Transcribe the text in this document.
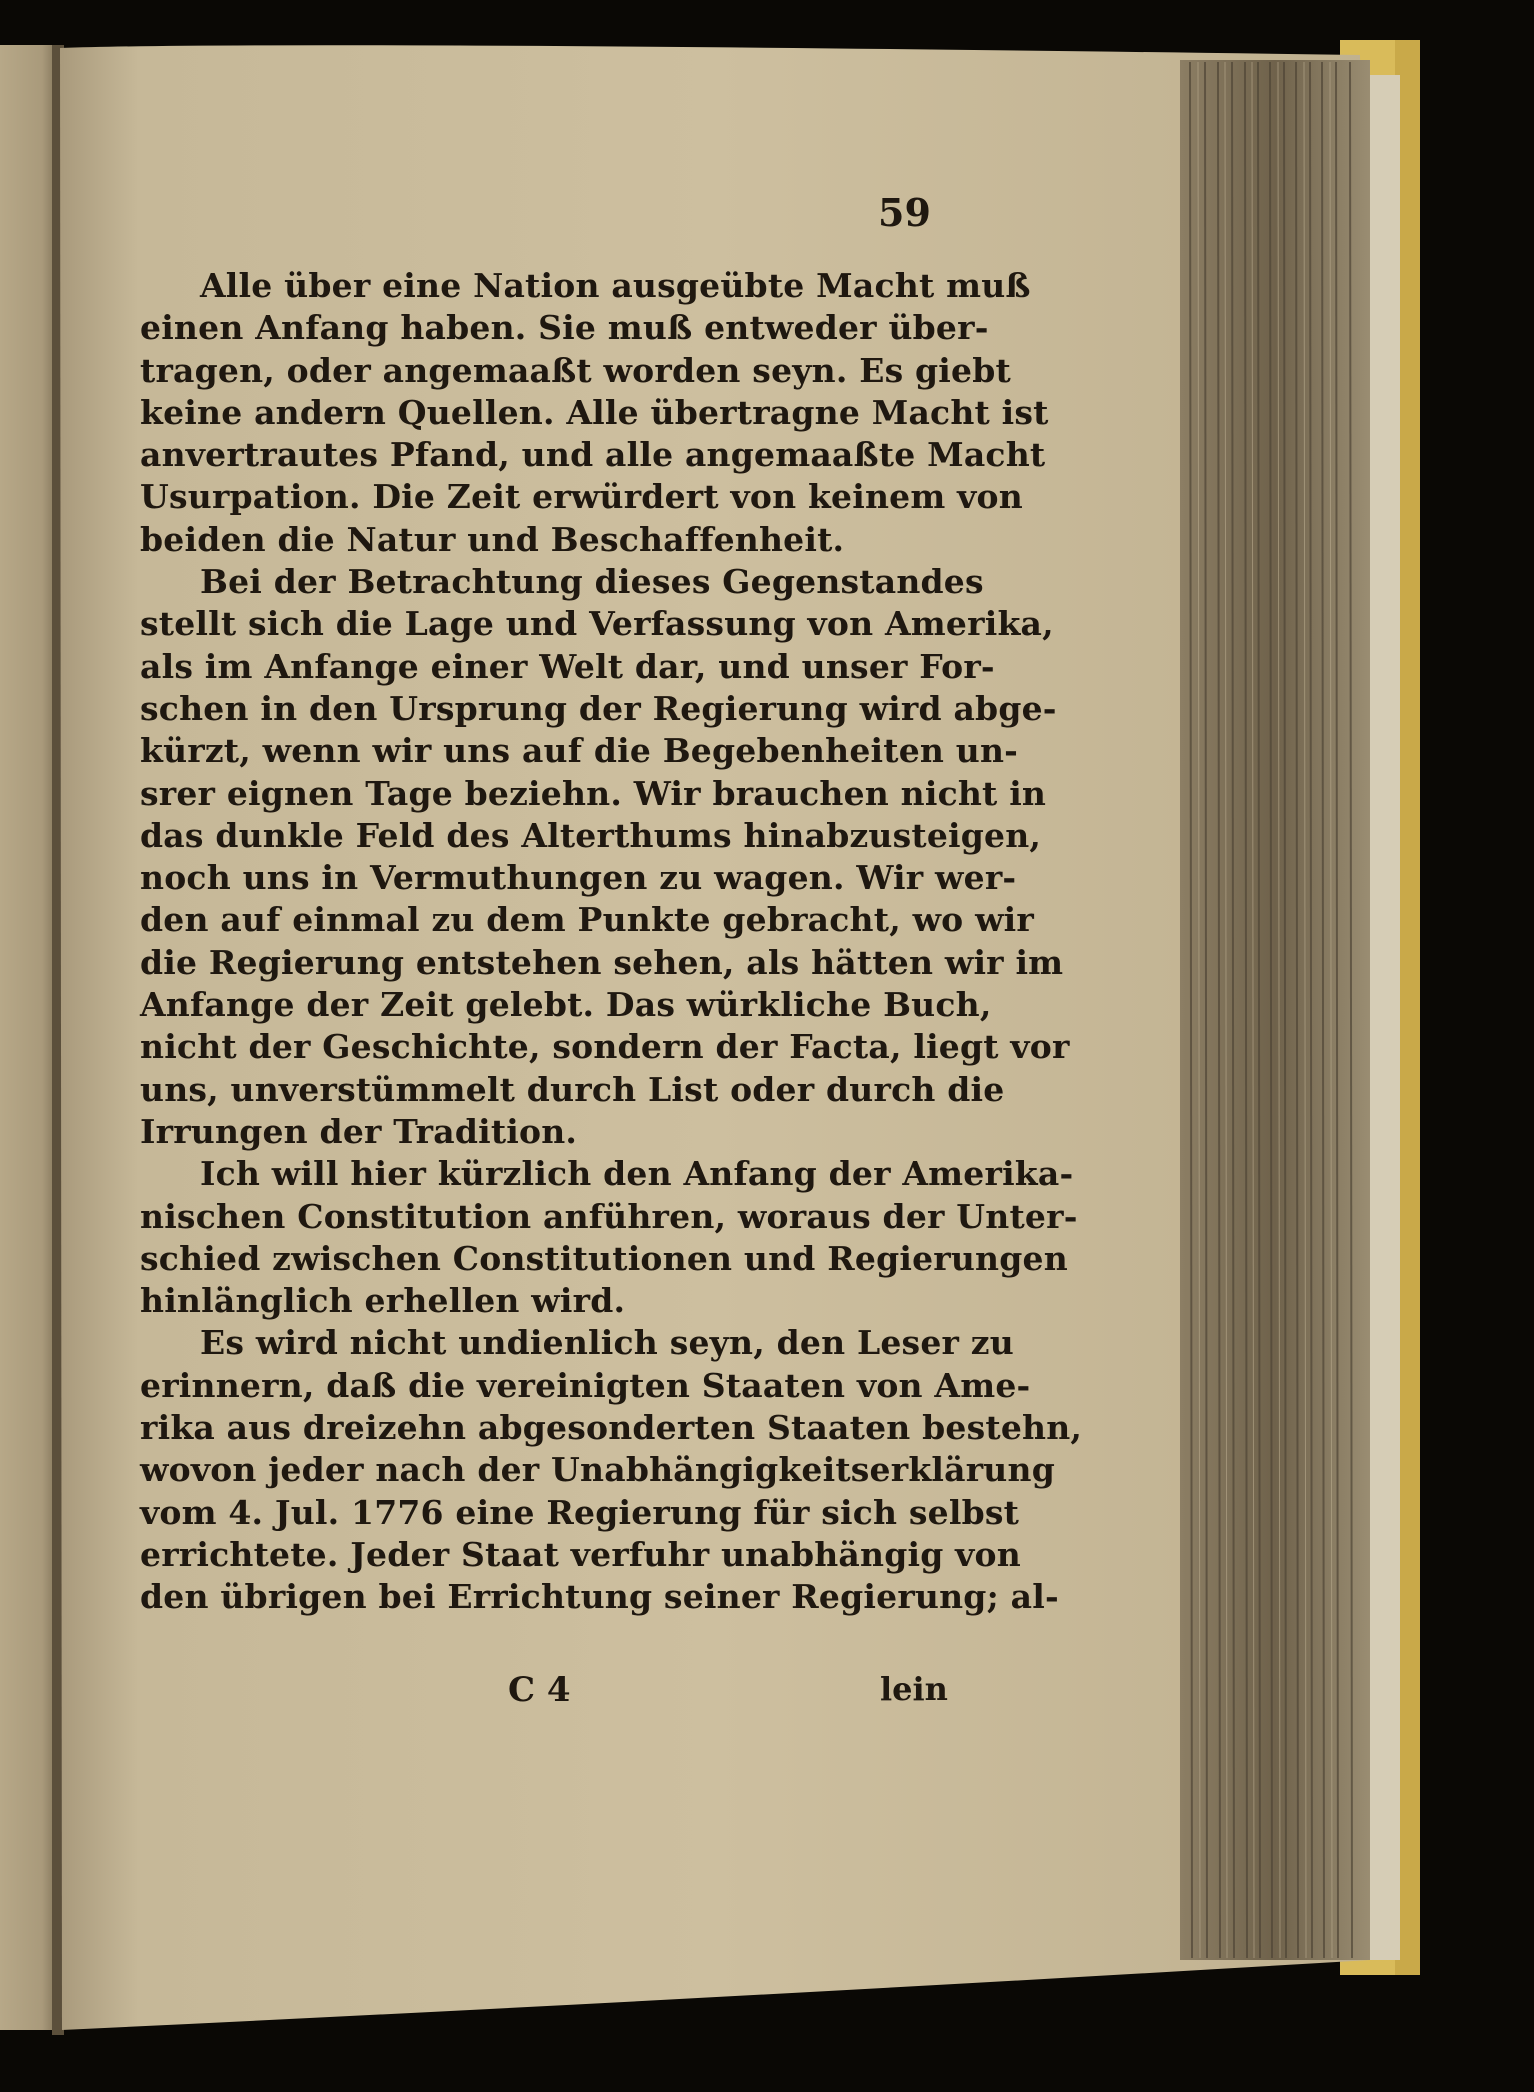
59
Alle über eine Nation ausgeübte Macht muß
einen Anfang haben. Sie muß entweder über-
tragen, oder angemaaßt worden seyn. Es giebt
keine andern Quellen. Alle übertragne Macht ist
anvertrautes Pfand, und alle angemaaßte Macht
Usurpation. Die Zeit erwürdert von keinem von
beiden die Natur und Beschaffenheit.
Bei der Betrachtung dieses Gegenstandes
stellt sich die Lage und Verfassung von Amerika,
als im Anfange einer Welt dar, und unser For-
schen in den Ursprung der Regierung wird abge-
kürzt, wenn wir uns auf die Begebenheiten un-
srer eignen Tage beziehn. Wir brauchen nicht in
das dunkle Feld des Alterthums hinabzusteigen,
noch uns in Vermuthungen zu wagen. Wir wer-
den auf einmal zu dem Punkte gebracht, wo wir
die Regierung entstehen sehen, als hätten wir im
Anfange der Zeit gelebt. Das würkliche Buch,
nicht der Geschichte, sondern der Facta, liegt vor
uns, unverstümmelt durch List oder durch die
Irrungen der Tradition.
Ich will hier kürzlich den Anfang der Amerika-
nischen Constitution anführen, woraus der Unter-
schied zwischen Constitutionen und Regierungen
hinlänglich erhellen wird.
Es wird nicht undienlich seyn, den Leser zu
erinnern, daß die vereinigten Staaten von Ame-
rika aus dreizehn abgesonderten Staaten bestehn,
wovon jeder nach der Unabhängigkeitserklärung
vom 4. Jul. 1776 eine Regierung für sich selbst
errichtete. Jeder Staat verfuhr unabhängig von
den übrigen bei Errichtung seiner Regierung; al-
C 4	lein
